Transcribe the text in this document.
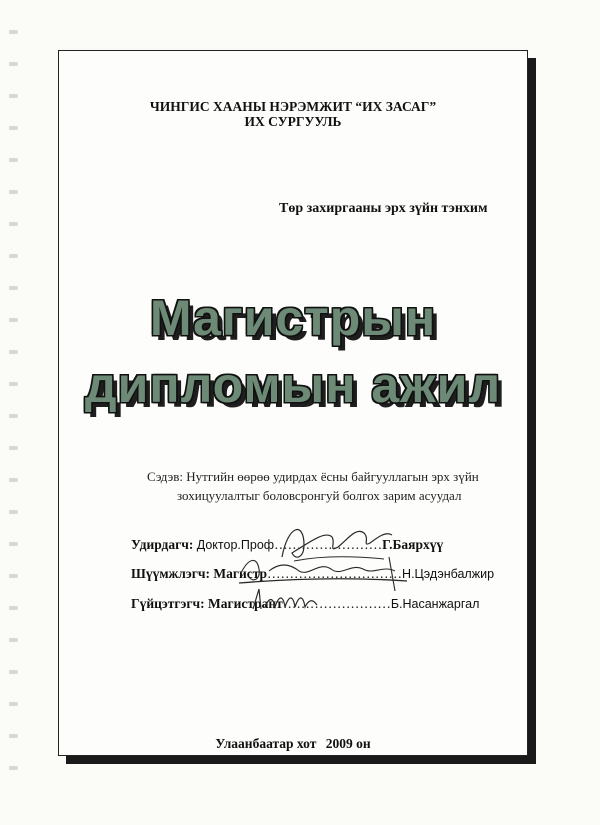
ЧИНГИС ХААНЫ НЭРЭМЖИТ “ИХ ЗАСАГ”
ИХ СУРГУУЛЬ
Төр захиргааны эрх зүйн тэнхим
Магистрын
дипломын ажил
Сэдэв: Нутгийн өөрөө удирдах ёсны байгууллагын эрх зүйн
зохицуулалтыг боловсронгуй болгох зарим асуудал
Удирдагч: Доктор.Проф……………………Г.Баярхүү
Шүүмжлэгч: Магистр…………………………Н.Цэдэнбалжир
Гүйцэтгэгч: Магистрант……………………Б.Насанжаргал
Улаанбаатар хот 2009 он
